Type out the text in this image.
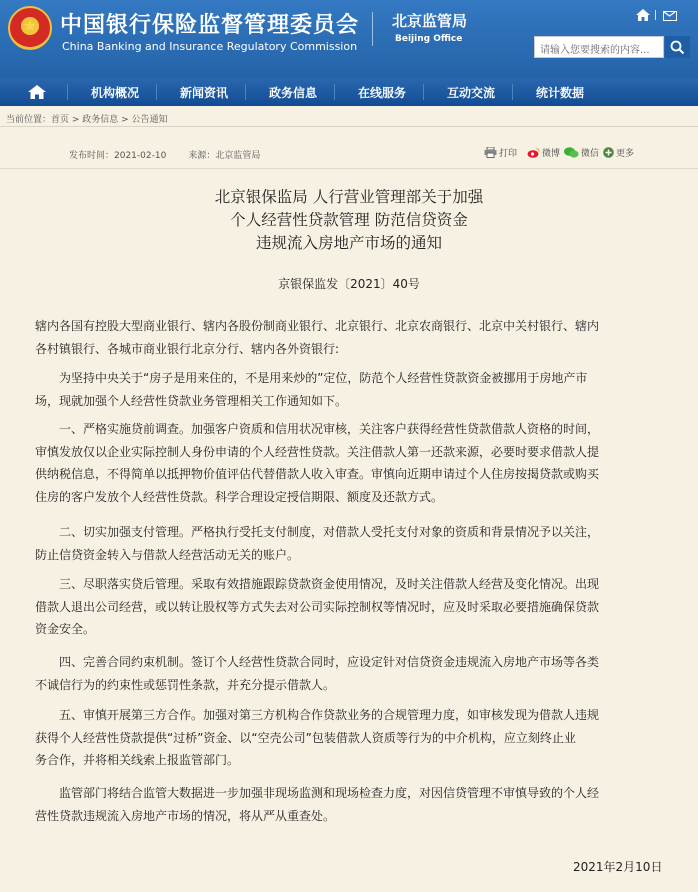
★ 中国银行保险监督管理委员会
China Banking and Insurance Regulatory Commission
北京监管局
Beijing Office
请输入您要搜索的内容...
机构概况	新闻资讯	政务信息	在线服务	互动交流	统计数据
当前位置：首页 > 政务信息 > 公告通知
发布时间：2021-02-10 来源：北京监管局	打印	微博	微信	更多
北京银保监局 人行营业管理部关于加强
个人经营性贷款管理 防范信贷资金
违规流入房地产市场的通知
京银保监发〔2021〕40号
辖内各国有控股大型商业银行、辖内各股份制商业银行、北京银行、北京农商银行、北京中关村银行、辖内
各村镇银行、各城市商业银行北京分行、辖内各外资银行:
为坚持中央关于“房子是用来住的，不是用来炒的”定位，防范个人经营性贷款资金被挪用于房地产市
场，现就加强个人经营性贷款业务管理相关工作通知如下。
一、严格实施贷前调查。加强客户资质和信用状况审核，关注客户获得经营性贷款借款人资格的时间，
审慎发放仅以企业实际控制人身份申请的个人经营性贷款。关注借款人第一还款来源，必要时要求借款人提
供纳税信息，不得简单以抵押物价值评估代替借款人收入审查。审慎向近期申请过个人住房按揭贷款或购买
住房的客户发放个人经营性贷款。科学合理设定授信期限、额度及还款方式。
二、切实加强支付管理。严格执行受托支付制度，对借款人受托支付对象的资质和背景情况予以关注，
防止信贷资金转入与借款人经营活动无关的账户。
三、尽职落实贷后管理。采取有效措施跟踪贷款资金使用情况，及时关注借款人经营及变化情况。出现
借款人退出公司经营，或以转让股权等方式失去对公司实际控制权等情况时，应及时采取必要措施确保贷款
资金安全。
四、完善合同约束机制。签订个人经营性贷款合同时，应设定针对信贷资金违规流入房地产市场等各类
不诚信行为的约束性或惩罚性条款，并充分提示借款人。
五、审慎开展第三方合作。加强对第三方机构合作贷款业务的合规管理力度，如审核发现为借款人违规
获得个人经营性贷款提供“过桥”资金、以“空壳公司”包装借款人资质等行为的中介机构，应立刻终止业
务合作，并将相关线索上报监管部门。
监管部门将结合监管大数据进一步加强非现场监测和现场检查力度，对因信贷管理不审慎导致的个人经
营性贷款违规流入房地产市场的情况，将从严从重查处。
2021年2月10日
